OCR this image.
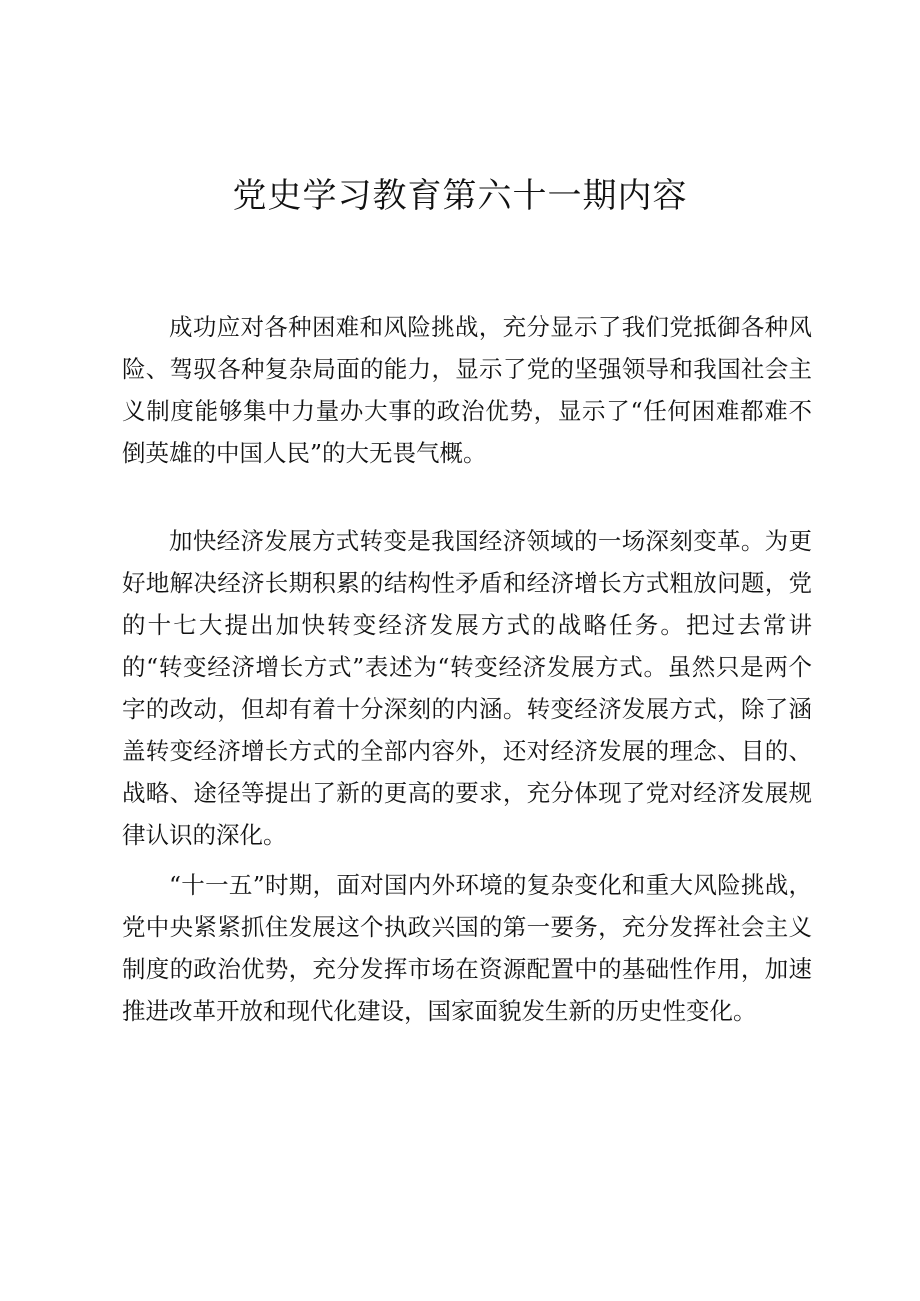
党史学习教育第六十一期内容

成功应对各种困难和风险挑战，充分显示了我们党抵御各种风险、驾驭各种复杂局面的能力，显示了党的坚强领导和我国社会主义制度能够集中力量办大事的政治优势，显示了“任何困难都难不倒英雄的中国人民”的大无畏气概。

加快经济发展方式转变是我国经济领域的一场深刻变革。为更好地解决经济长期积累的结构性矛盾和经济增长方式粗放问题，党的十七大提出加快转变经济发展方式的战略任务。把过去常讲的“转变经济增长方式”表述为“转变经济发展方式。虽然只是两个字的改动，但却有着十分深刻的内涵。转变经济发展方式，除了涵盖转变经济增长方式的全部内容外，还对经济发展的理念、目的、战略、途径等提出了新的更高的要求，充分体现了党对经济发展规律认识的深化。

“十一五”时期，面对国内外环境的复杂变化和重大风险挑战，党中央紧紧抓住发展这个执政兴国的第一要务，充分发挥社会主义制度的政治优势，充分发挥市场在资源配置中的基础性作用，加速推进改革开放和现代化建设，国家面貌发生新的历史性变化。
